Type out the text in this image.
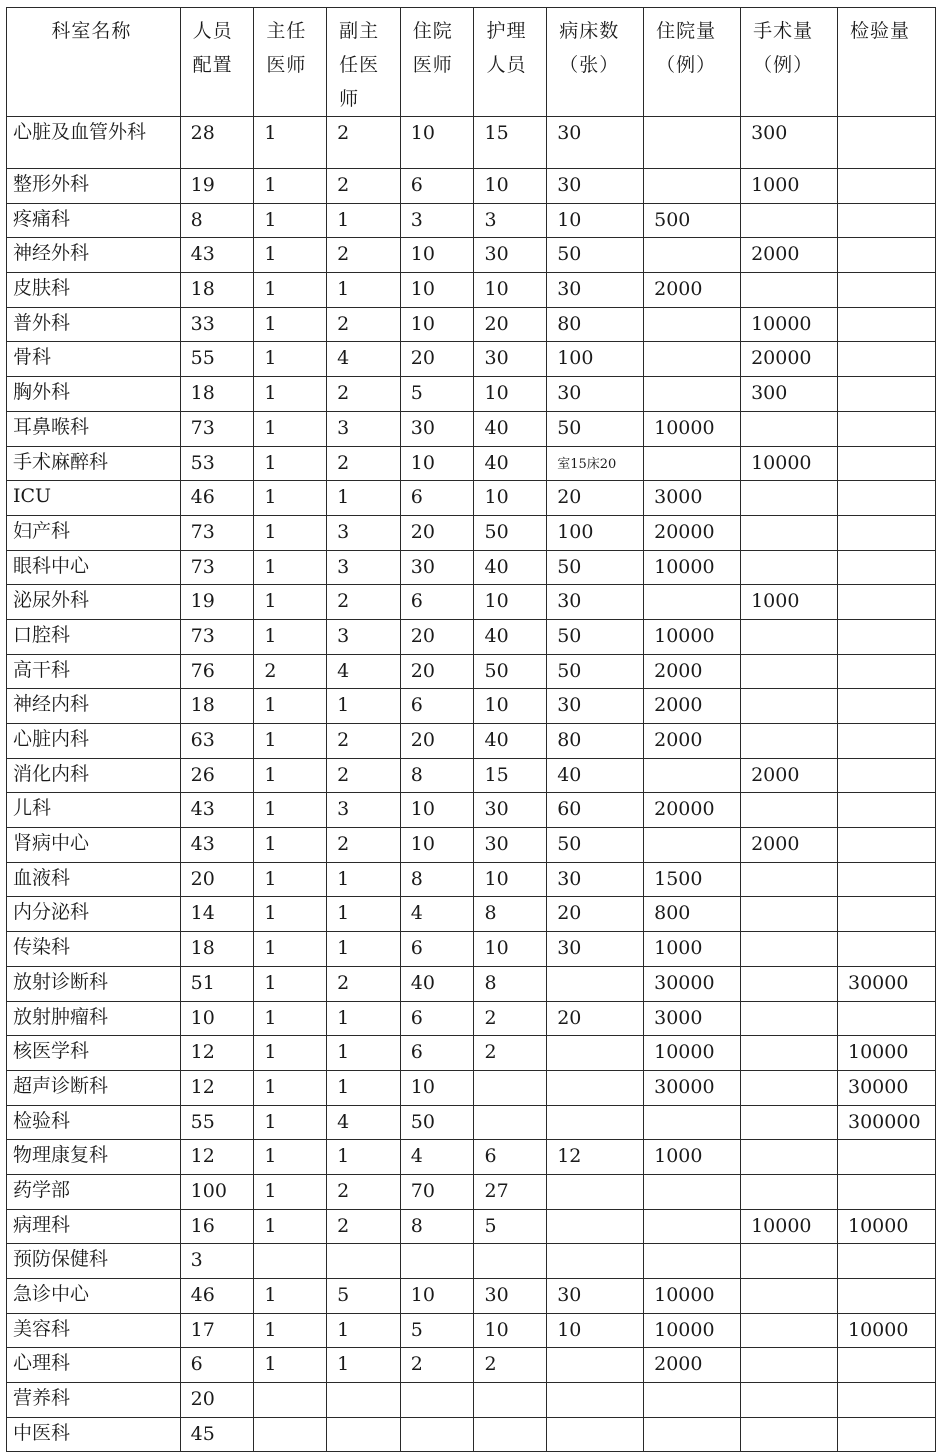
科室名称	人员配置	主任医师	副主任医师	住院医师	护理人员	病床数（张）	住院量（例）	手术量（例）	检验量
心脏及血管外科	28	1	2	10	15	30		300	
整形外科	19	1	2	6	10	30		1000	
疼痛科	8	1	1	3	3	10	500		
神经外科	43	1	2	10	30	50		2000	
皮肤科	18	1	1	10	10	30	2000		
普外科	33	1	2	10	20	80		10000	
骨科	55	1	4	20	30	100		20000	
胸外科	18	1	2	5	10	30		300	
耳鼻喉科	73	1	3	30	40	50	10000		
手术麻醉科	53	1	2	10	40	室15床20		10000	
ICU	46	1	1	6	10	20	3000		
妇产科	73	1	3	20	50	100	20000		
眼科中心	73	1	3	30	40	50	10000		
泌尿外科	19	1	2	6	10	30		1000	
口腔科	73	1	3	20	40	50	10000		
高干科	76	2	4	20	50	50	2000		
神经内科	18	1	1	6	10	30	2000		
心脏内科	63	1	2	20	40	80	2000		
消化内科	26	1	2	8	15	40		2000	
儿科	43	1	3	10	30	60	20000		
肾病中心	43	1	2	10	30	50		2000	
血液科	20	1	1	8	10	30	1500		
内分泌科	14	1	1	4	8	20	800		
传染科	18	1	1	6	10	30	1000		
放射诊断科	51	1	2	40	8		30000		30000
放射肿瘤科	10	1	1	6	2	20	3000		
核医学科	12	1	1	6	2		10000		10000
超声诊断科	12	1	1	10			30000		30000
检验科	55	1	4	50					300000
物理康复科	12	1	1	4	6	12	1000		
药学部	100	1	2	70	27				
病理科	16	1	2	8	5			10000	10000
预防保健科	3								
急诊中心	46	1	5	10	30	30	10000		
美容科	17	1	1	5	10	10	10000		10000
心理科	6	1	1	2	2		2000		
营养科	20								
中医科	45								
